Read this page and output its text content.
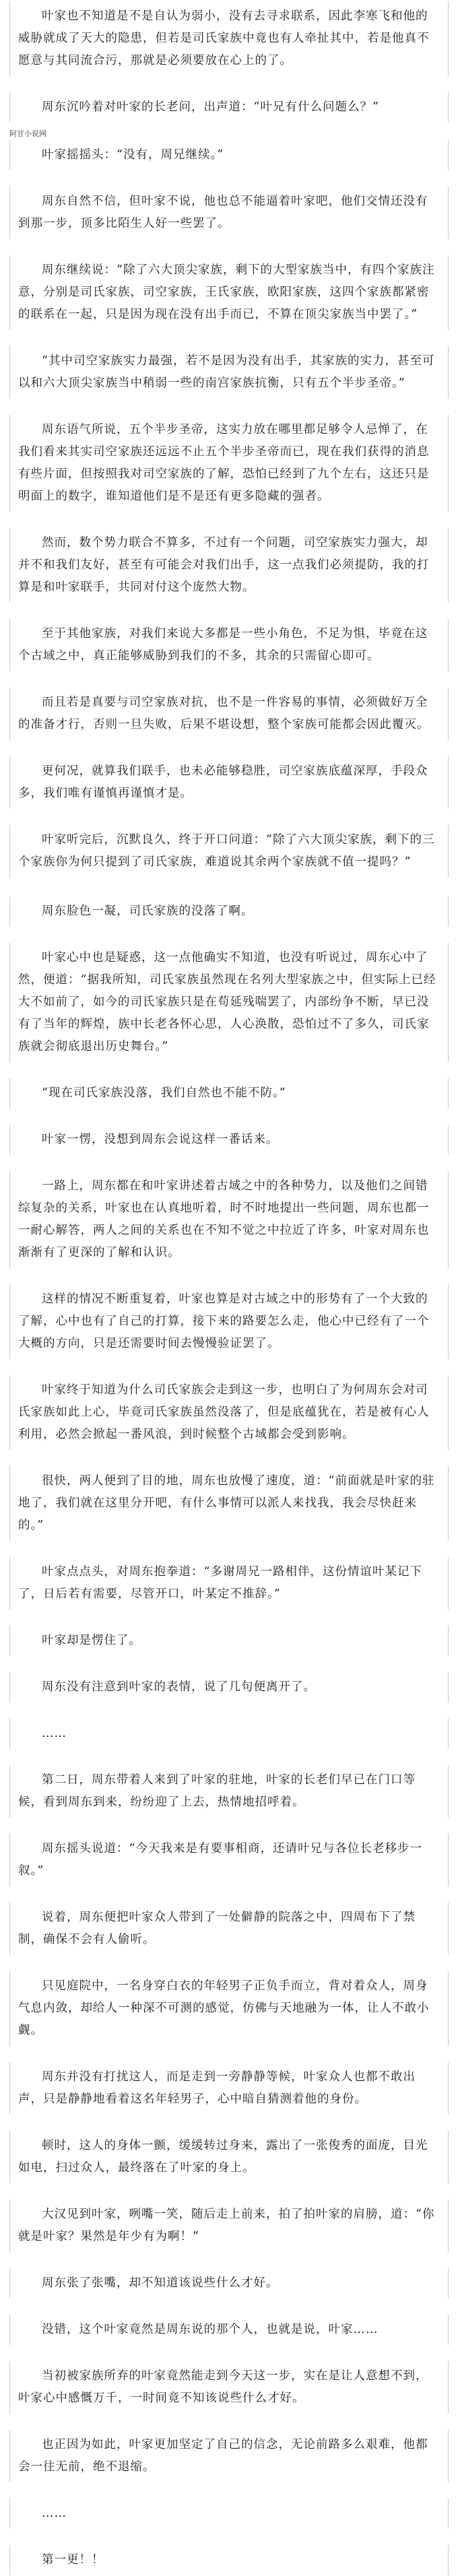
叶家也不知道是不是自认为弱小，没有去寻求联系，因此李寒飞和他的威胁就成了天大的隐患，但若是司氏家族中竟也有人牵扯其中，若是他真不愿意与其同流合污，那就是必须要放在心上的了。

周东沉吟着对叶家的长老问，出声道：“叶兄有什么问题么？”

阿甘小说网

叶家摇摇头：“没有，周兄继续。”

周东自然不信，但叶家不说，他也总不能逼着叶家吧，他们交情还没有到那一步，顶多比陌生人好一些罢了。

周东继续说：“除了六大顶尖家族，剩下的大型家族当中，有四个家族注意，分别是司氏家族，司空家族，王氏家族，欧阳家族，这四个家族都紧密的联系在一起，只是因为现在没有出手而已，不算在顶尖家族当中罢了。”

“其中司空家族实力最强，若不是因为没有出手，其家族的实力，甚至可以和六大顶尖家族当中稍弱一些的南宫家族抗衡，只有五个半步圣帝。”

周东语气所说，五个半步圣帝，这实力放在哪里都足够令人忌惮了，在我们看来其实司空家族还远远不止五个半步圣帝而已，现在我们获得的消息有些片面，但按照我对司空家族的了解，恐怕已经到了九个左右，这还只是明面上的数字，谁知道他们是不是还有更多隐藏的强者。

然而，数个势力联合不算多，不过有一个问题，司空家族实力强大，却并不和我们友好，甚至有可能会对我们出手，这一点我们必须提防，我的打算是和叶家联手，共同对付这个庞然大物。

至于其他家族，对我们来说大多都是一些小角色，不足为惧，毕竟在这个古域之中，真正能够威胁到我们的不多，其余的只需留心即可。

而且若是真要与司空家族对抗，也不是一件容易的事情，必须做好万全的准备才行，否则一旦失败，后果不堪设想，整个家族可能都会因此覆灭。

更何况，就算我们联手，也未必能够稳胜，司空家族底蕴深厚，手段众多，我们唯有谨慎再谨慎才是。

叶家听完后，沉默良久，终于开口问道：“除了六大顶尖家族，剩下的三个家族你为何只提到了司氏家族，难道说其余两个家族就不值一提吗？”

周东脸色一凝，司氏家族的没落了啊。

叶家心中也是疑惑，这一点他确实不知道，也没有听说过，周东心中了然，便道：“据我所知，司氏家族虽然现在名列大型家族之中，但实际上已经大不如前了，如今的司氏家族只是在苟延残喘罢了，内部纷争不断，早已没有了当年的辉煌，族中长老各怀心思，人心涣散，恐怕过不了多久，司氏家族就会彻底退出历史舞台。”

“现在司氏家族没落，我们自然也不能不防。”

叶家一愣，没想到周东会说这样一番话来。

一路上，周东都在和叶家讲述着古域之中的各种势力，以及他们之间错综复杂的关系，叶家也在认真地听着，时不时地提出一些问题，周东也都一一耐心解答，两人之间的关系也在不知不觉之中拉近了许多，叶家对周东也渐渐有了更深的了解和认识。

这样的情况不断重复着，叶家也算是对古域之中的形势有了一个大致的了解，心中也有了自己的打算，接下来的路要怎么走，他心中已经有了一个大概的方向，只是还需要时间去慢慢验证罢了。

叶家终于知道为什么司氏家族会走到这一步，也明白了为何周东会对司氏家族如此上心，毕竟司氏家族虽然没落了，但是底蕴犹在，若是被有心人利用，必然会掀起一番风浪，到时候整个古域都会受到影响。

很快，两人便到了目的地，周东也放慢了速度，道：“前面就是叶家的驻地了，我们就在这里分开吧，有什么事情可以派人来找我，我会尽快赶来的。”

叶家点点头，对周东抱拳道：“多谢周兄一路相伴，这份情谊叶某记下了，日后若有需要，尽管开口，叶某定不推辞。”

叶家却是愣住了。

周东没有注意到叶家的表情，说了几句便离开了。

……

第二日，周东带着人来到了叶家的驻地，叶家的长老们早已在门口等候，看到周东到来，纷纷迎了上去，热情地招呼着。

周东摇头说道：“今天我来是有要事相商，还请叶兄与各位长老移步一叙。”

说着，周东便把叶家众人带到了一处僻静的院落之中，四周布下了禁制，确保不会有人偷听。

只见庭院中，一名身穿白衣的年轻男子正负手而立，背对着众人，周身气息内敛，却给人一种深不可测的感觉，仿佛与天地融为一体，让人不敢小觑。

周东并没有打扰这人，而是走到一旁静静等候，叶家众人也都不敢出声，只是静静地看着这名年轻男子，心中暗自猜测着他的身份。

顿时，这人的身体一颤，缓缓转过身来，露出了一张俊秀的面庞，目光如电，扫过众人，最终落在了叶家的身上。

大汉见到叶家，咧嘴一笑，随后走上前来，拍了拍叶家的肩膀，道：“你就是叶家？果然是年少有为啊！”

周东张了张嘴，却不知道该说些什么才好。

没错，这个叶家竟然是周东说的那个人，也就是说，叶家……

当初被家族所弃的叶家竟然能走到今天这一步，实在是让人意想不到，叶家心中感慨万千，一时间竟不知该说些什么才好。

也正因为如此，叶家更加坚定了自己的信念，无论前路多么艰难，他都会一往无前，绝不退缩。

……

第一更！！
